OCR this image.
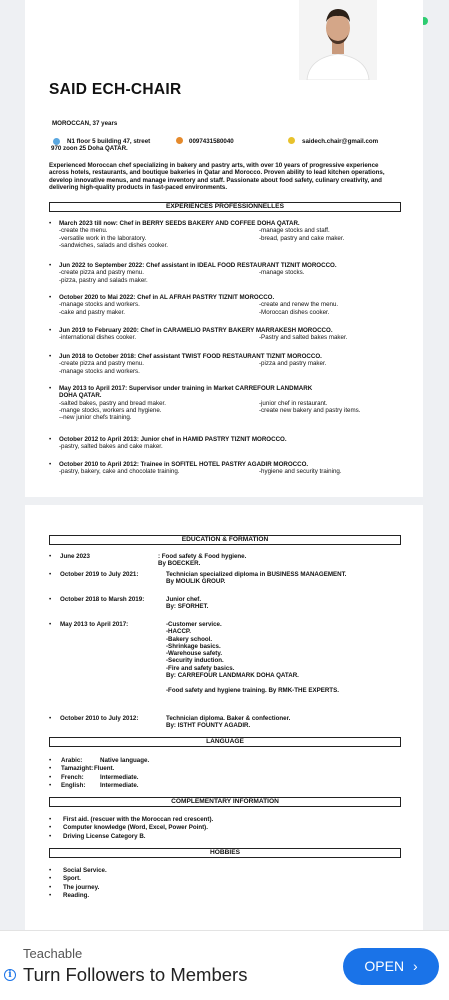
SAID ECH-CHAIR
MOROCCAN, 37 years
N1 floor 5 building 47, street
970 zoon 25 Doha QATAR.
0097431580040	saidech.chair@gmail.com
Experienced Moroccan chef specializing in bakery and pastry arts, with over 10 years of progressive experience across hotels, restaurants, and boutique bakeries in Qatar and Morocco. Proven ability to lead kitchen operations, develop innovative menus, and manage inventory and staff. Passionate about food safety, culinary creativity, and delivering high-quality products in fast-paced environments.
EXPERIENCES PROFESSIONNELLES
• March 2023 till now: Chef in BERRY SEEDS BAKERY AND COFFEE DOHA QATAR.
-create the menu.	-manage stocks and staff.
-versatile work in the laboratory.	-bread, pastry and cake maker.
-sandwiches, salads and dishes cooker.
• Jun 2022 to September 2022: Chef assistant in IDEAL FOOD RESTAURANT TIZNIT MOROCCO.
-create pizza and pastry menu.	-manage stocks.
-pizza, pastry and salads maker.
• October 2020 to Mai 2022: Chef in AL AFRAH PASTRY TIZNIT MOROCCO.
-manage stocks and workers.	-create and renew the menu.
-cake and pastry maker.	-Moroccan dishes cooker.
• Jun 2019 to February 2020: Chef in CARAMELIO PASTRY BAKERY MARRAKESH MOROCCO.
-international dishes cooker.	-Pastry and salted bakes maker.
• Jun 2018 to October 2018: Chef assistant TWIST FOOD RESTAURANT TIZNIT MOROCCO.
-create pizza and pastry menu.	-pizza and pastry maker.
-manage stocks and workers.
• May 2013 to April 2017: Supervisor under training in Market CARREFOUR LANDMARK
DOHA QATAR.
-salted bakes, pastry and bread maker.	-junior chef in restaurant.
-mange stocks, workers and hygiene.	-create new bakery and pastry items.
--new junior chefs training.
• October 2012 to April 2013: Junior chef in HAMID PASTRY TIZNIT MOROCCO.
-pastry, salted bakes and cake maker.
• October 2010 to April 2012: Trainee in SOFITEL HOTEL PASTRY AGADIR MOROCCO.
-pastry, bakery, cake and chocolate training.	-hygiene and security training.
EDUCATION & FORMATION
• June 2023	: Food safety & Food hygiene.
By BOECKER.
• October 2019 to July 2021:	Technician specialized diploma in BUSINESS MANAGEMENT.
By MOULIK GROUP.
• October 2018 to Marsh 2019:	Junior chef.
By: SFORHET.
• May 2013 to April 2017:	-Customer service.
-HACCP.
-Bakery school.
-Shrinkage basics.
-Warehouse safety.
-Security induction.
-Fire and safety basics.
By: CARREFOUR LANDMARK DOHA QATAR.
-Food safety and hygiene training. By RMK-THE EXPERTS.
• October 2010 to July 2012:	Technician diploma. Baker & confectioner.
By: ISTHT FOUNTY AGADIR.
LANGUAGE
• Arabic:	Native language.
• Tamazight: Fluent.
• French:	Intermediate.
• English: Intermediate.
COMPLEMENTARY INFORMATION
• First aid. (rescuer with the Moroccan red crescent).
• Computer knowledge (Word, Excel, Power Point).
• Driving License Category B.
HOBBIES
• Social Service.
• Sport.
• The journey.
• Reading.
Teachable
i Turn Followers to Members	OPEN ›
